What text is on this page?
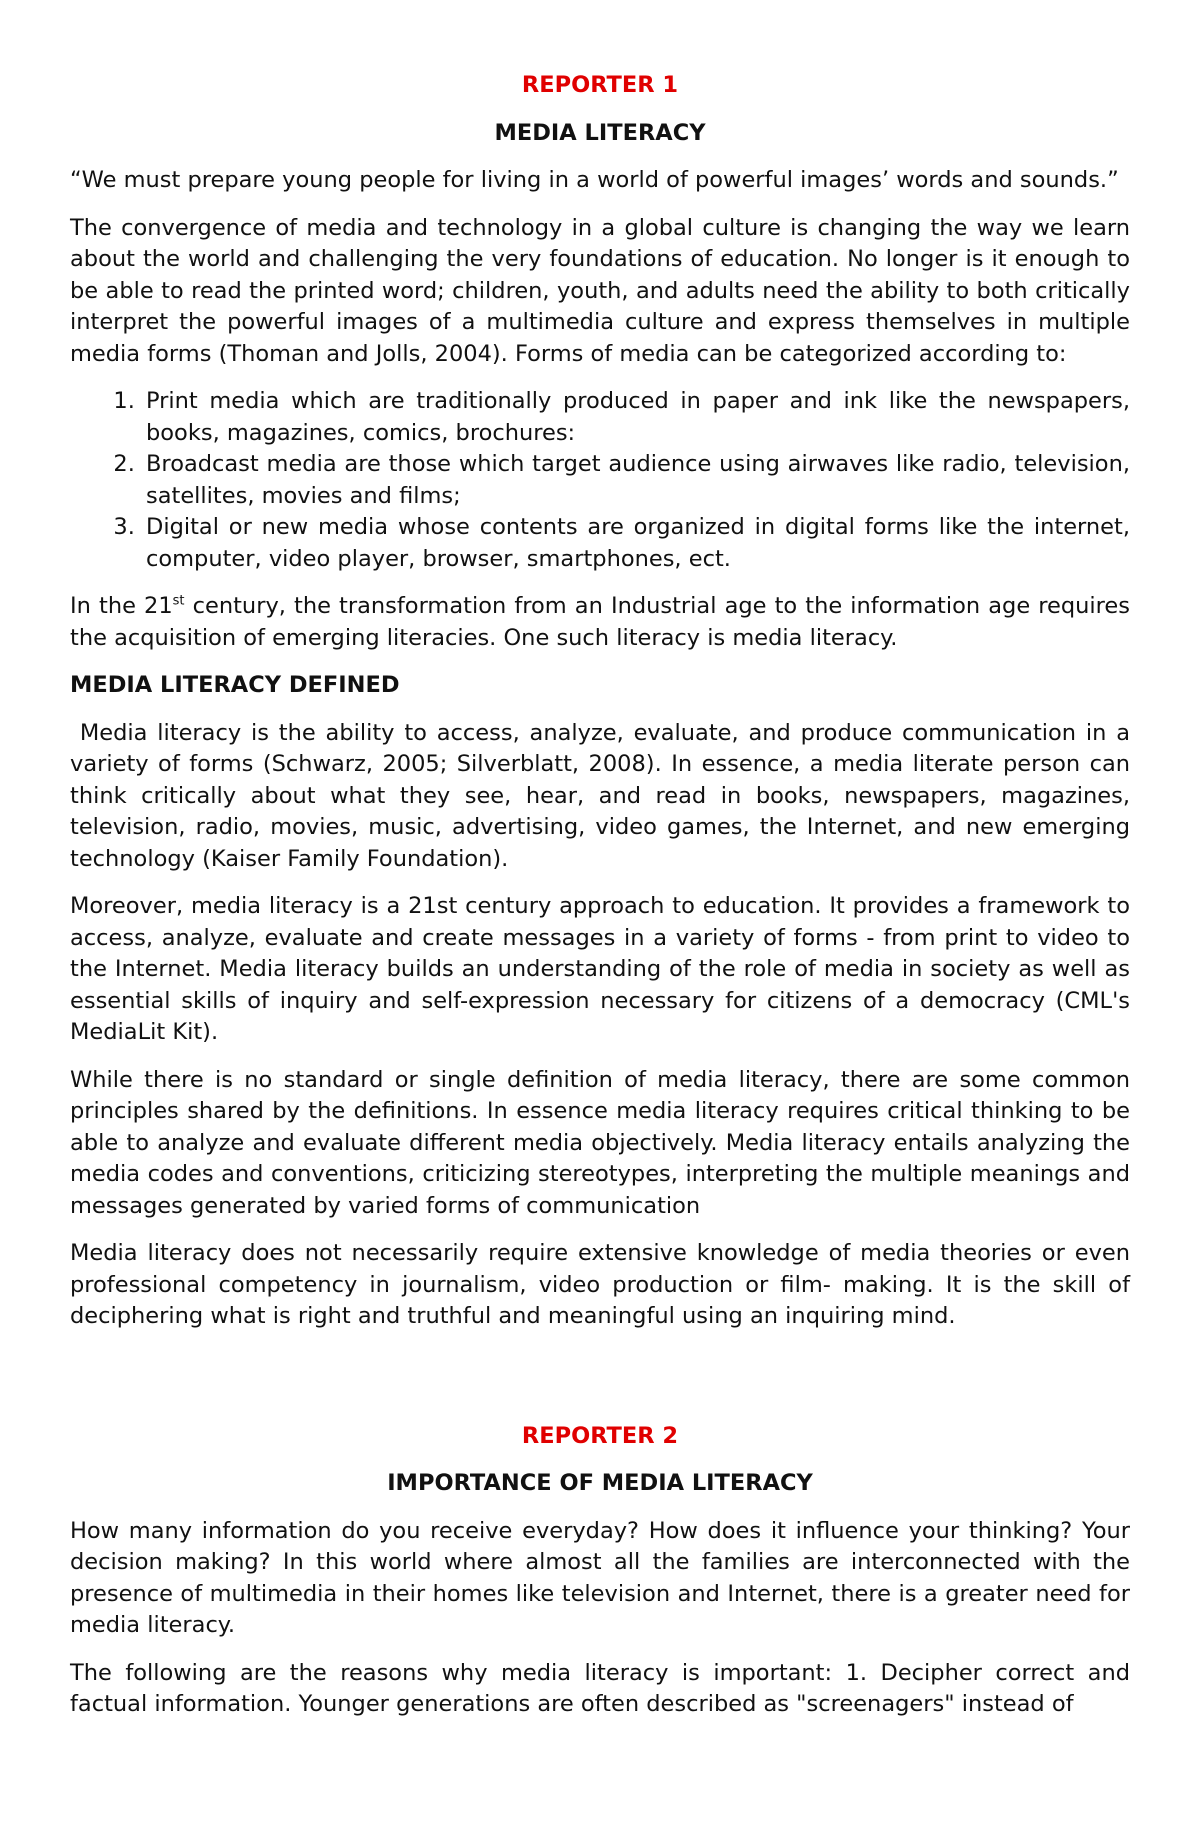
REPORTER 1

MEDIA LITERACY

“We must prepare young people for living in a world of powerful images’ words and sounds.”

The convergence of media and technology in a global culture is changing the way we learn about the world and challenging the very foundations of education. No longer is it enough to be able to read the printed word; children, youth, and adults need the ability to both critically interpret the powerful images of a multimedia culture and express themselves in multiple media forms (Thoman and Jolls, 2004). Forms of media can be categorized according to:

1. Print media which are traditionally produced in paper and ink like the newspapers, books, magazines, comics, brochures:
2. Broadcast media are those which target audience using airwaves like radio, television, satellites, movies and films;
3. Digital or new media whose contents are organized in digital forms like the internet, computer, video player, browser, smartphones, ect.

In the 21st century, the transformation from an Industrial age to the information age requires the acquisition of emerging literacies. One such literacy is media literacy.

MEDIA LITERACY DEFINED

Media literacy is the ability to access, analyze, evaluate, and produce communication in a variety of forms (Schwarz, 2005; Silverblatt, 2008). In essence, a media literate person can think critically about what they see, hear, and read in books, newspapers, magazines, television, radio, movies, music, advertising, video games, the Internet, and new emerging technology (Kaiser Family Foundation).

Moreover, media literacy is a 21st century approach to education. It provides a framework to access, analyze, evaluate and create messages in a variety of forms - from print to video to the Internet. Media literacy builds an understanding of the role of media in society as well as essential skills of inquiry and self-expression necessary for citizens of a democracy (CML's MediaLit Kit).

While there is no standard or single definition of media literacy, there are some common principles shared by the definitions. In essence media literacy requires critical thinking to be able to analyze and evaluate different media objectively. Media literacy entails analyzing the media codes and conventions, criticizing stereotypes, interpreting the multiple meanings and messages generated by varied forms of communication

Media literacy does not necessarily require extensive knowledge of media theories or even professional competency in journalism, video production or film- making. It is the skill of deciphering what is right and truthful and meaningful using an inquiring mind.

REPORTER 2

IMPORTANCE OF MEDIA LITERACY

How many information do you receive everyday? How does it influence your thinking? Your decision making? In this world where almost all the families are interconnected with the presence of multimedia in their homes like television and Internet, there is a greater need for media literacy.

The following are the reasons why media literacy is important: 1. Decipher correct and factual information. Younger generations are often described as "screenagers" instead of
